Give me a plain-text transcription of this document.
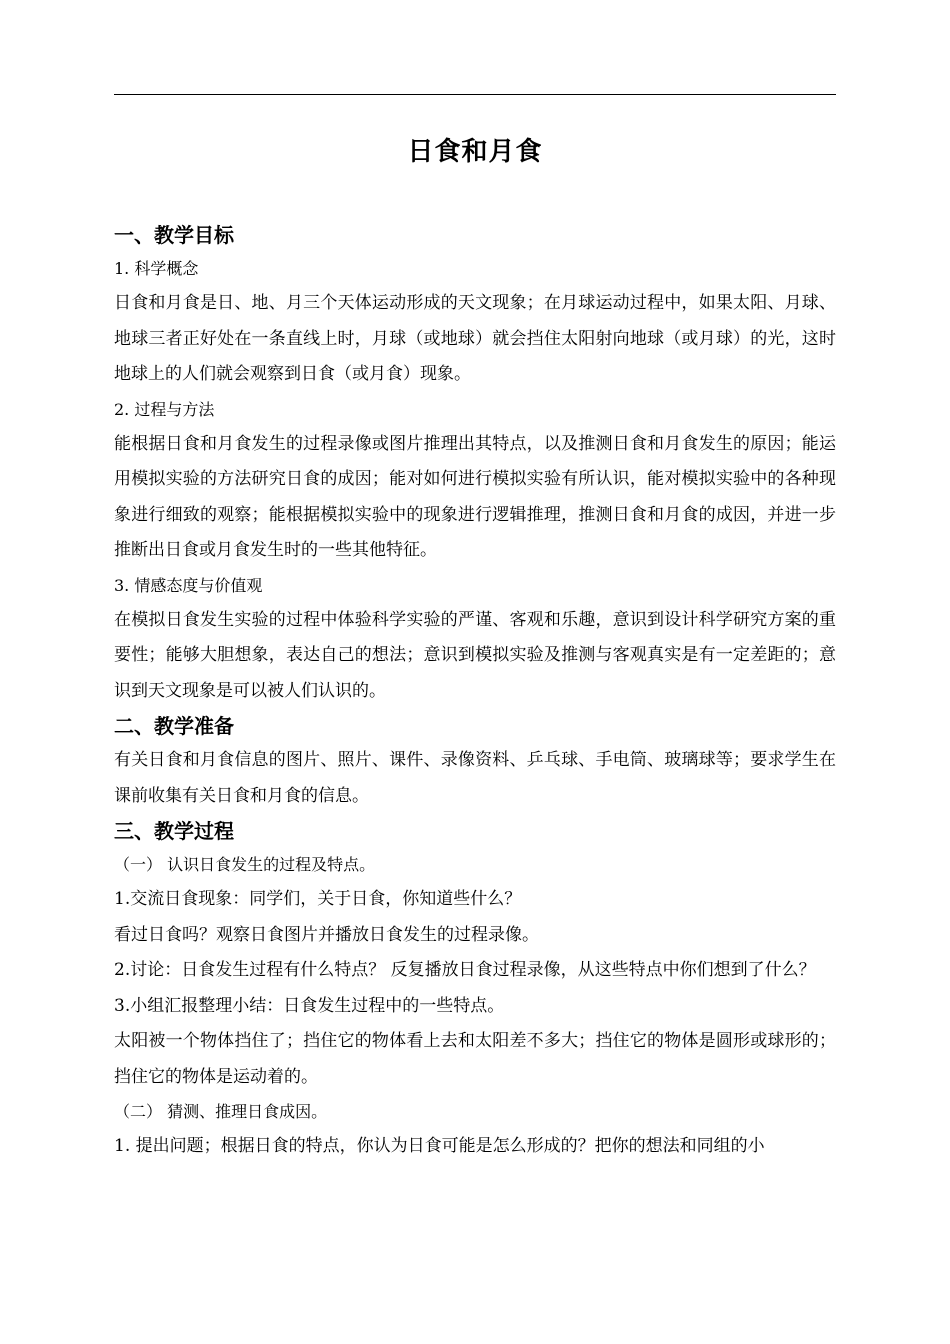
日食和月食
一、教学目标
1. 科学概念
日食和月食是日、地、月三个天体运动形成的天文现象；在月球运动过程中，如果太阳、月球、地球三者正好处在一条直线上时，月球（或地球）就会挡住太阳射向地球（或月球）的光，这时地球上的人们就会观察到日食（或月食）现象。
2. 过程与方法
能根据日食和月食发生的过程录像或图片推理出其特点，以及推测日食和月食发生的原因；能运用模拟实验的方法研究日食的成因；能对如何进行模拟实验有所认识，能对模拟实验中的各种现象进行细致的观察；能根据模拟实验中的现象进行逻辑推理，推测日食和月食的成因，并进一步推断出日食或月食发生时的一些其他特征。
3. 情感态度与价值观
在模拟日食发生实验的过程中体验科学实验的严谨、客观和乐趣，意识到设计科学研究方案的重要性；能够大胆想象，表达自己的想法；意识到模拟实验及推测与客观真实是有一定差距的；意识到天文现象是可以被人们认识的。
二、教学准备
有关日食和月食信息的图片、照片、课件、录像资料、乒乓球、手电筒、玻璃球等；要求学生在课前收集有关日食和月食的信息。
三、教学过程
（一） 认识日食发生的过程及特点。
1.交流日食现象：同学们，关于日食，你知道些什么？
看过日食吗？观察日食图片并播放日食发生的过程录像。
2.讨论：日食发生过程有什么特点？ 反复播放日食过程录像，从这些特点中你们想到了什么？
3.小组汇报整理小结：日食发生过程中的一些特点。
太阳被一个物体挡住了；挡住它的物体看上去和太阳差不多大；挡住它的物体是圆形或球形的；挡住它的物体是运动着的。
（二） 猜测、推理日食成因。
1. 提出问题；根据日食的特点，你认为日食可能是怎么形成的？把你的想法和同组的小
